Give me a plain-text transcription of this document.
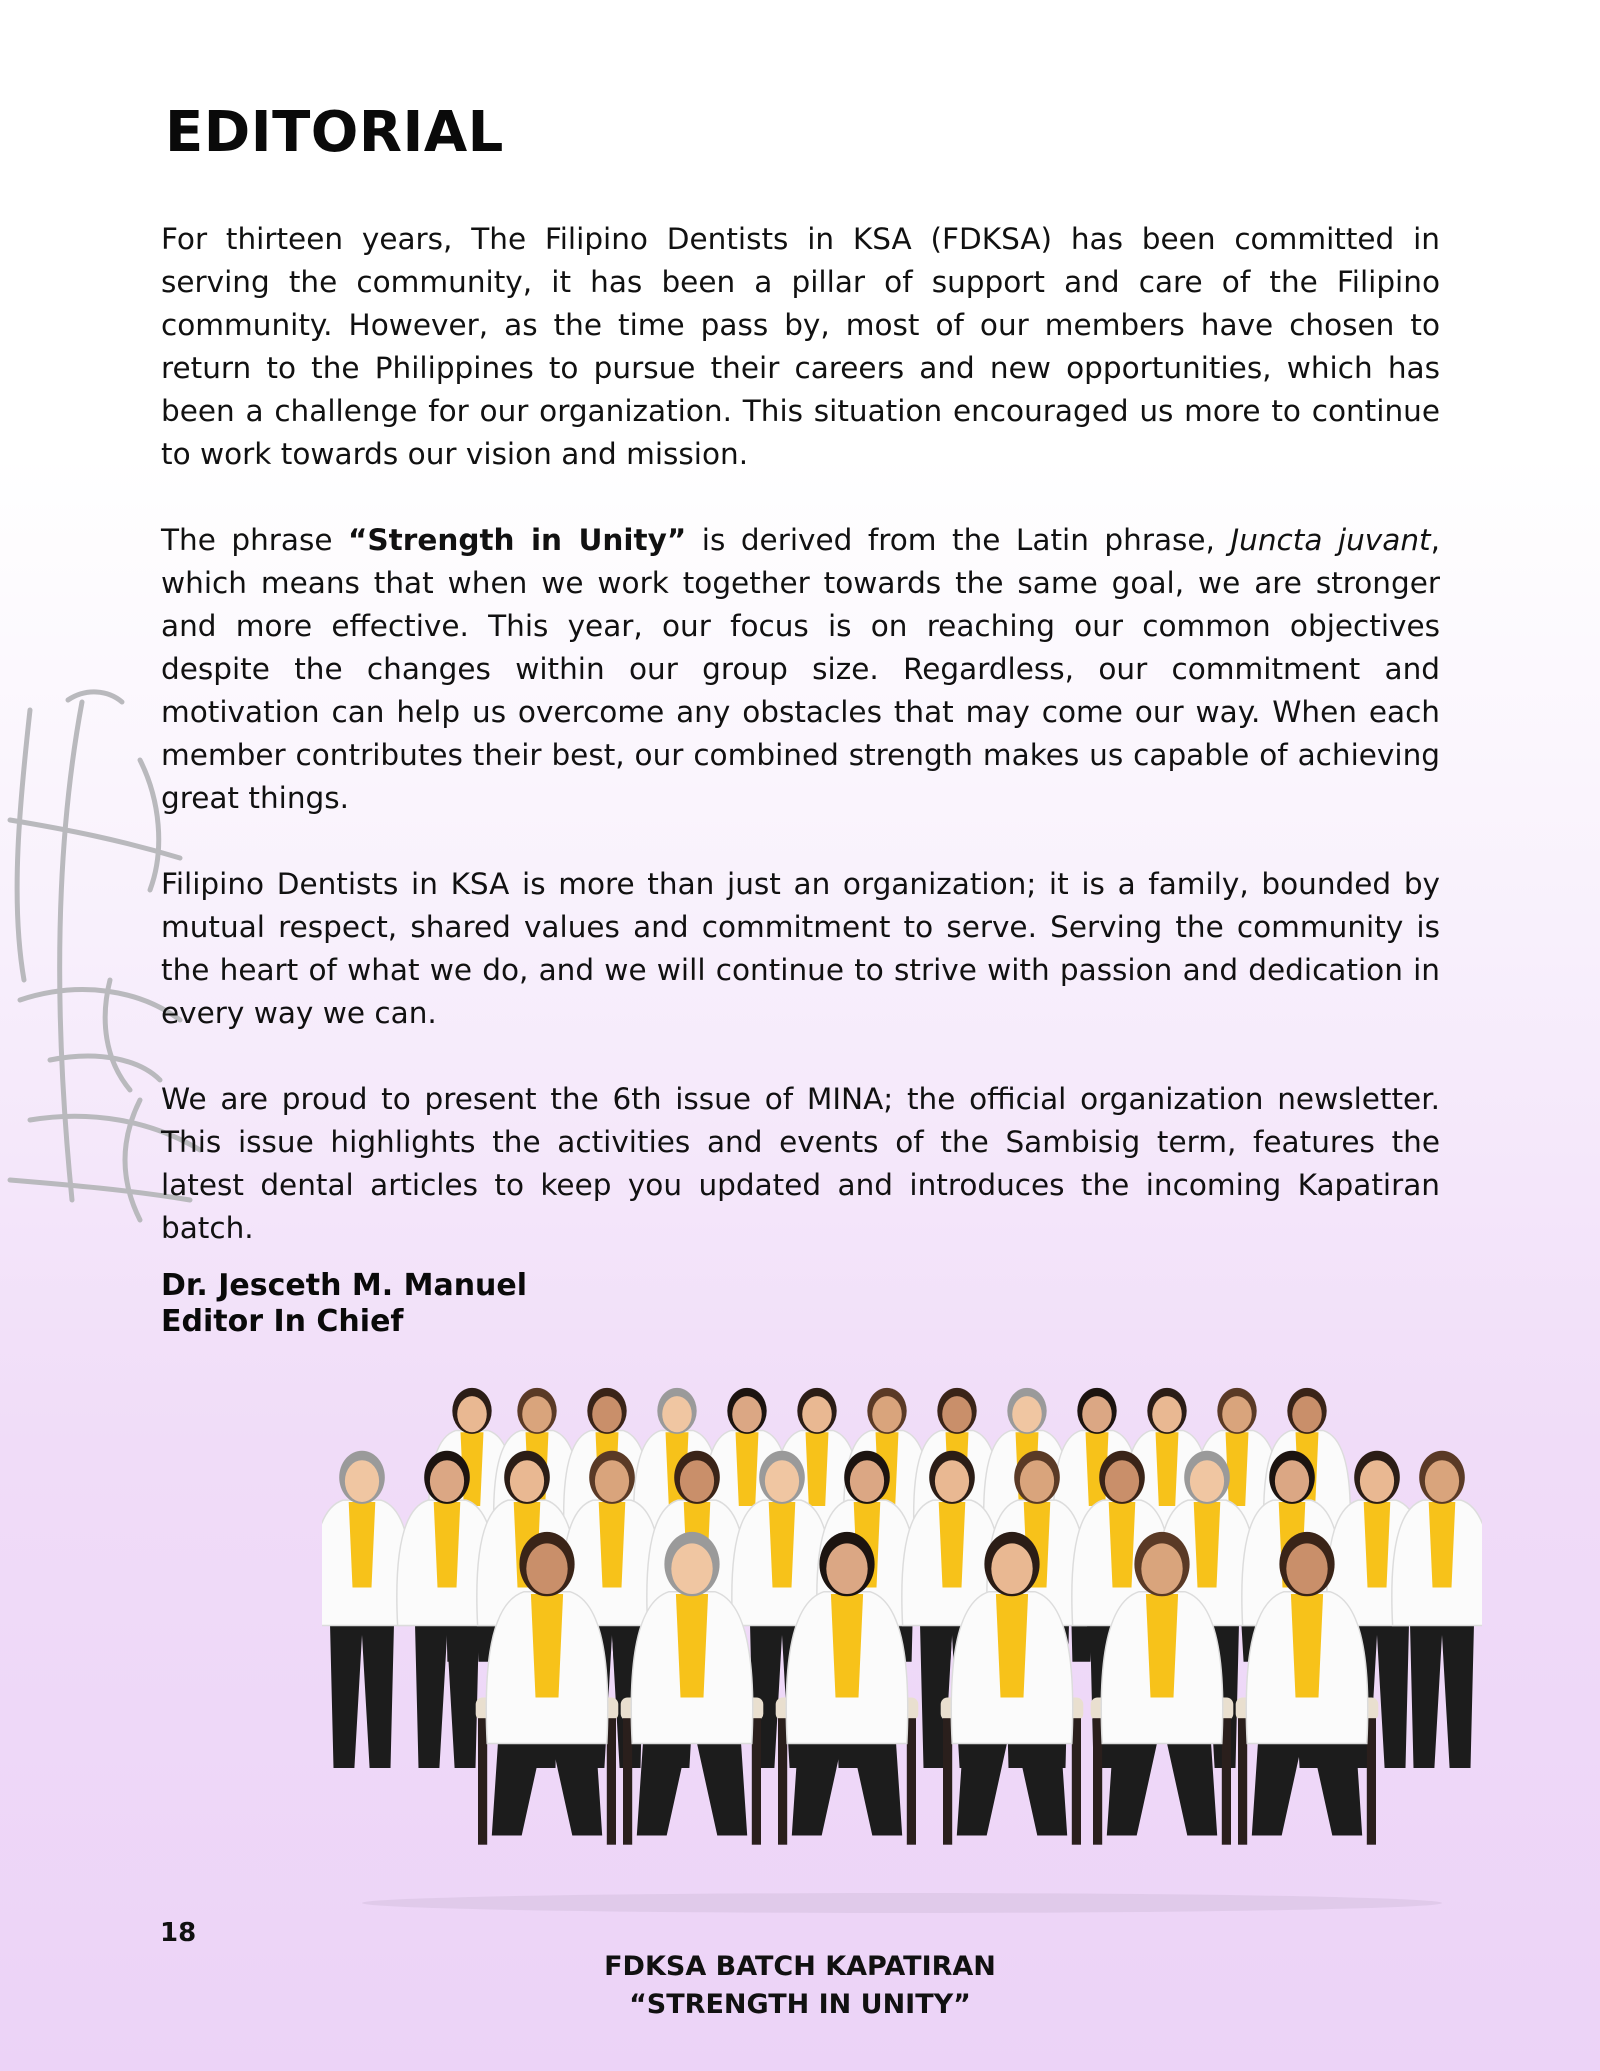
EDITORIAL

For thirteen years, The Filipino Dentists in KSA (FDKSA) has been committed in serving the community, it has been a pillar of support and care of the Filipino community. However, as the time pass by, most of our members have chosen to return to the Philippines to pursue their careers and new opportunities, which has been a challenge for our organization. This situation encouraged us more to continue to work towards our vision and mission.

The phrase “Strength in Unity” is derived from the Latin phrase, Juncta juvant, which means that when we work together towards the same goal, we are stronger and more effective. This year, our focus is on reaching our common objectives despite the changes within our group size. Regardless, our commitment and motivation can help us overcome any obstacles that may come our way. When each member contributes their best, our combined strength makes us capable of achieving great things.

Filipino Dentists in KSA is more than just an organization; it is a family, bounded by mutual respect, shared values and commitment to serve. Serving the community is the heart of what we do, and we will continue to strive with passion and dedication in every way we can.

We are proud to present the 6th issue of MINA; the official organization newsletter. This issue highlights the activities and events of the Sambisig term, features the latest dental articles to keep you updated and introduces the incoming Kapatiran batch.

Dr. Jesceth M. Manuel
Editor In Chief
18
FDKSA BATCH KAPATIRAN
“STRENGTH IN UNITY”
